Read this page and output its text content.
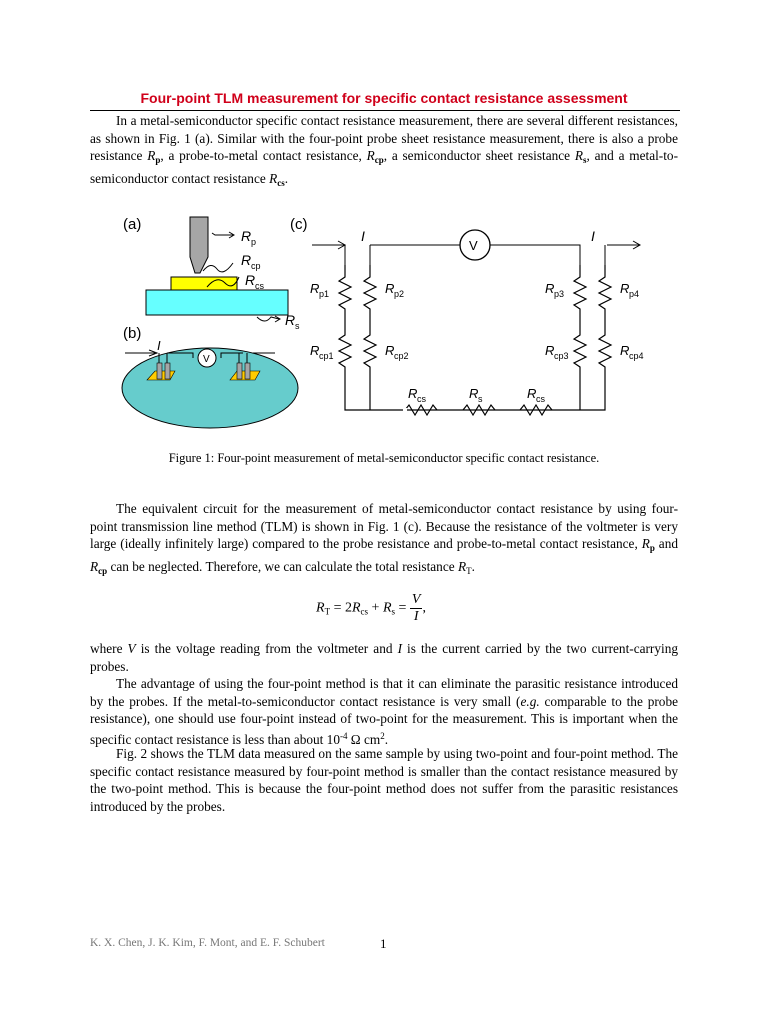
Four-point TLM measurement for specific contact resistance assessment

In a metal-semiconductor specific contact resistance measurement, there are several different resistances, as shown in Fig. 1 (a). Similar with the four-point probe sheet resistance measurement, there is also a probe resistance $R_p$, a probe-to-metal contact resistance, $R_{cp}$, a semiconductor sheet resistance $R_s$, and a metal-to-semiconductor contact resistance $R_{cs}$.

(a)
R p
R cp
R cs
R s
(b)
I
V
(c)
I
V
I
R	R	R	R
R	R	R	R
R	R	R
p1	p2	p3	p4
cp1	cp2	cp3	cp4
cs	s	cs
Figure 1: Four-point measurement of metal-semiconductor specific contact resistance.

The equivalent circuit for the measurement of metal-semiconductor contact resistance by using four-point transmission line method (TLM) is shown in Fig. 1 (c). Because the resistance of the voltmeter is very large (ideally infinitely large) compared to the probe resistance and probe-to-metal contact resistance, $R_p$ and $R_{cp}$ can be neglected. Therefore, we can calculate the total resistance $R_T$.

$R_T = 2R_{cs} + R_s = \frac{V}{I}$ ,

where V is the voltage reading from the voltmeter and I is the current carried by the two current-carrying probes.

The advantage of using the four-point method is that it can eliminate the parasitic resistance introduced by the probes. If the metal-to-semiconductor contact resistance is very small (e.g. comparable to the probe resistance), one should use four-point instead of two-point for the measurement. This is important when the specific contact resistance is less than about $10^{-4}$ Ω $cm^2$.

Fig. 2 shows the TLM data measured on the same sample by using two-point and four-point method. The specific contact resistance measured by four-point method is smaller than the contact resistance measured by the two-point method. This is because the four-point method does not suffer from the parasitic resistances introduced by the probes.

K. X. Chen, J. K. Kim, F. Mont, and E. F. Schubert	1
